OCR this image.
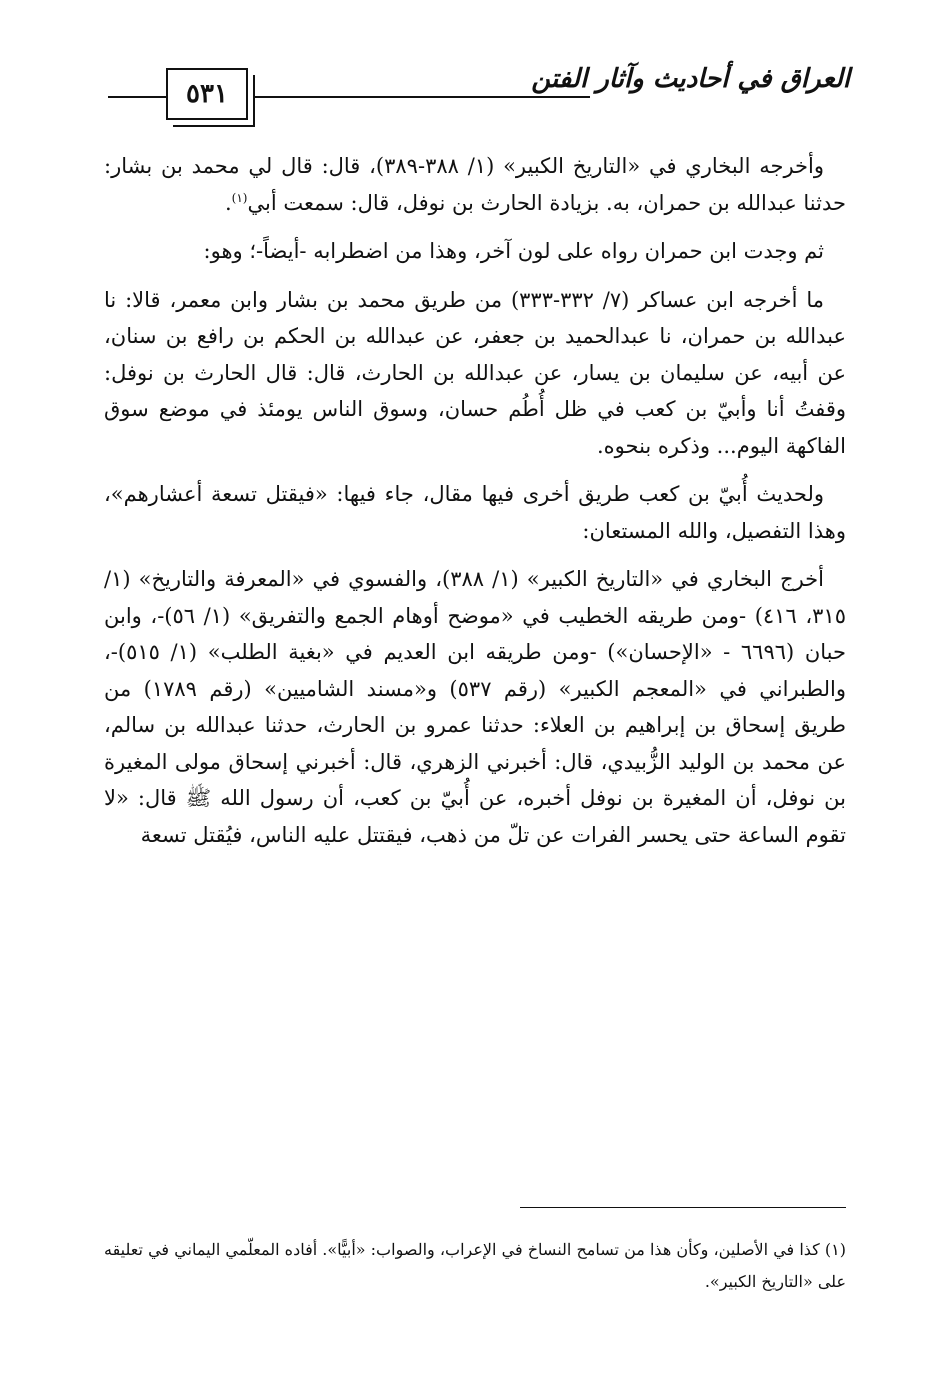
العراق في أحاديث وآثار الفتن
٥٣١

وأخرجه البخاري في «التاريخ الكبير» (١/ ٣٨٨-٣٨٩)، قال: قال لي محمد بن بشار: حدثنا عبدالله بن حمران، به. بزيادة الحارث بن نوفل، قال: سمعت أبي$^{(١)}$.

ثم وجدت ابن حمران رواه على لون آخر، وهذا من اضطرابه -أيضاً-؛ وهو:

ما أخرجه ابن عساكر (٧/ ٣٣٢-٣٣٣) من طريق محمد بن بشار وابن معمر، قالا: نا عبدالله بن حمران، نا عبدالحميد بن جعفر، عن عبدالله بن الحكم بن رافع بن سنان، عن أبيه، عن سليمان بن يسار، عن عبدالله بن الحارث، قال: قال الحارث بن نوفل: وقفتُ أنا وأبيّ بن كعب في ظل أُطُم حسان، وسوق الناس يومئذ في موضع سوق الفاكهة اليوم... وذكره بنحوه.

ولحديث أُبيّ بن كعب طريق أخرى فيها مقال، جاء فيها: «فيقتل تسعة أعشارهم»، وهذا التفصيل، والله المستعان:

أخرج البخاري في «التاريخ الكبير» (١/ ٣٨٨)، والفسوي في «المعرفة والتاريخ» (١/ ٣١٥، ٤١٦) -ومن طريقه الخطيب في «موضح أوهام الجمع والتفريق» (١/ ٥٦)-، وابن حبان (٦٦٩٦ - «الإحسان») -ومن طريقه ابن العديم في «بغية الطلب» (١/ ٥١٥)-، والطبراني في «المعجم الكبير» (رقم ٥٣٧) و«مسند الشاميين» (رقم ١٧٨٩) من طريق إسحاق بن إبراهيم بن العلاء: حدثنا عمرو بن الحارث، حدثنا عبدالله بن سالم، عن محمد بن الوليد الزُّبيدي، قال: أخبرني الزهري، قال: أخبرني إسحاق مولى المغيرة بن نوفل، أن المغيرة بن نوفل أخبره، عن أُبيّ بن كعب، أن رسول الله ﷺ قال: «لا تقوم الساعة حتى يحسر الفرات عن تلّ من ذهب، فيقتتل عليه الناس، فيُقتل تسعة

(١) كذا في الأصلين، وكأن هذا من تسامح النساخ في الإعراب، والصواب: «أبيًّا». أفاده المعلّمي اليماني في تعليقه على «التاريخ الكبير».
